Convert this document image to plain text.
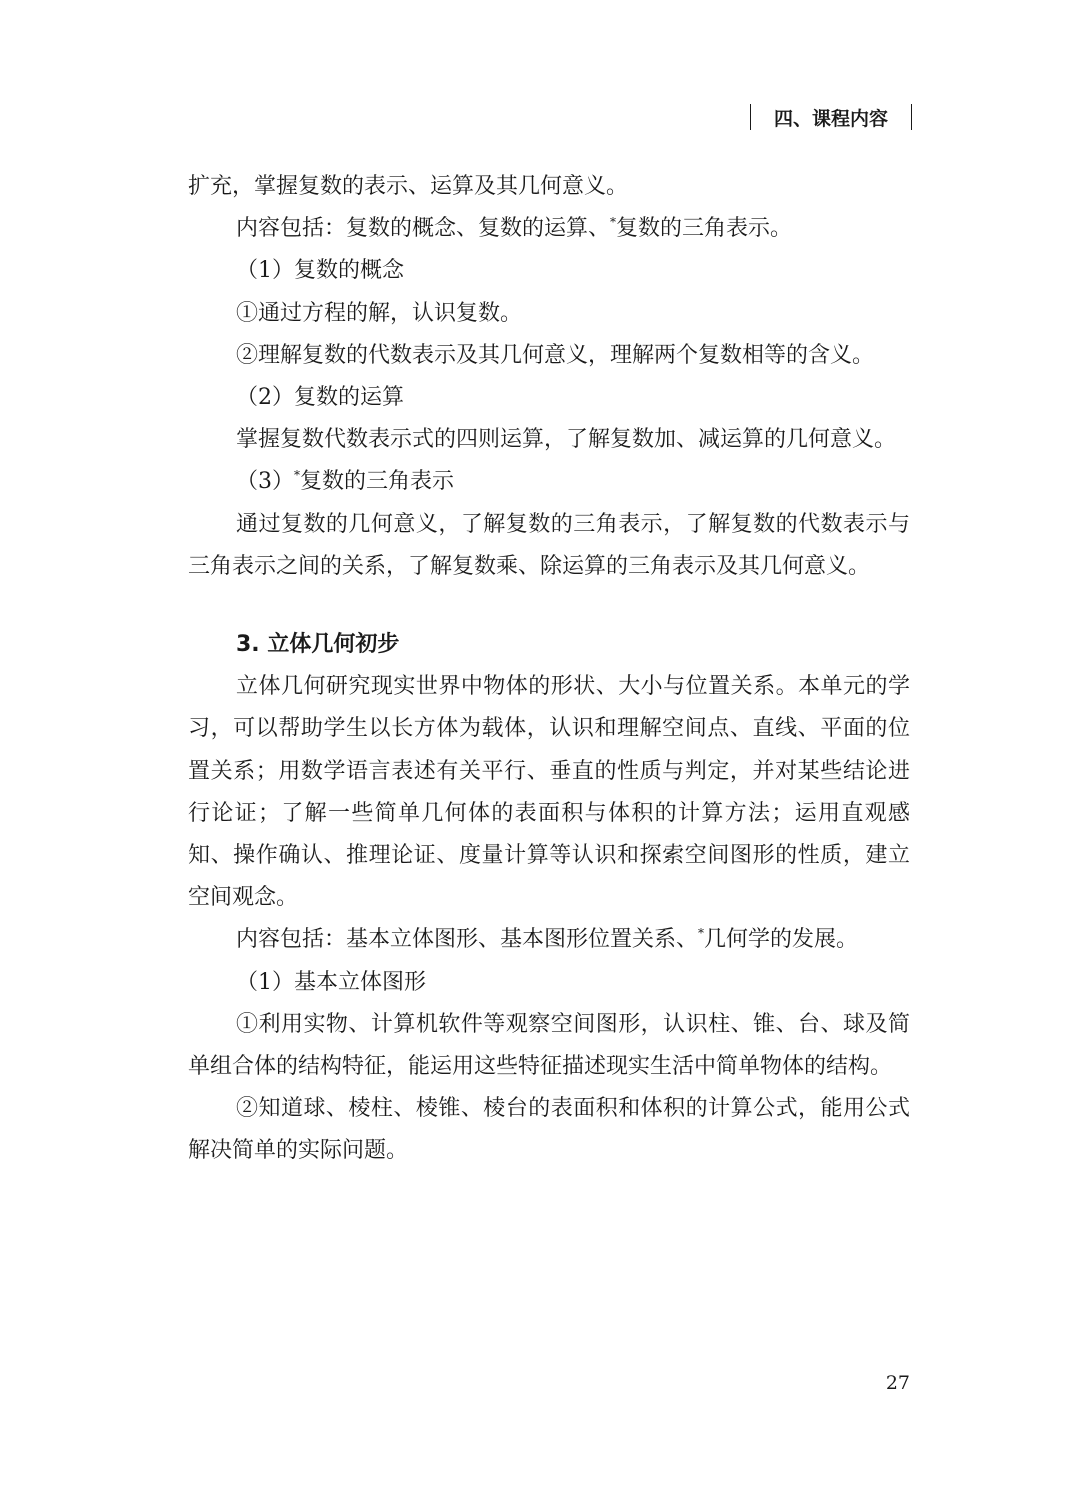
四、课程内容

扩充，掌握复数的表示、运算及其几何意义。

内容包括：复数的概念、复数的运算、*复数的三角表示。

（1）复数的概念

①通过方程的解，认识复数。

②理解复数的代数表示及其几何意义，理解两个复数相等的含义。

（2）复数的运算

掌握复数代数表示式的四则运算，了解复数加、减运算的几何意义。

（3）*复数的三角表示

通过复数的几何意义，了解复数的三角表示，了解复数的代数表示与三角表示之间的关系，了解复数乘、除运算的三角表示及其几何意义。

3. 立体几何初步

立体几何研究现实世界中物体的形状、大小与位置关系。本单元的学习，可以帮助学生以长方体为载体，认识和理解空间点、直线、平面的位置关系；用数学语言表述有关平行、垂直的性质与判定，并对某些结论进行论证；了解一些简单几何体的表面积与体积的计算方法；运用直观感知、操作确认、推理论证、度量计算等认识和探索空间图形的性质，建立空间观念。

内容包括：基本立体图形、基本图形位置关系、*几何学的发展。

（1）基本立体图形

①利用实物、计算机软件等观察空间图形，认识柱、锥、台、球及简单组合体的结构特征，能运用这些特征描述现实生活中简单物体的结构。

②知道球、棱柱、棱锥、棱台的表面积和体积的计算公式，能用公式解决简单的实际问题。

27
